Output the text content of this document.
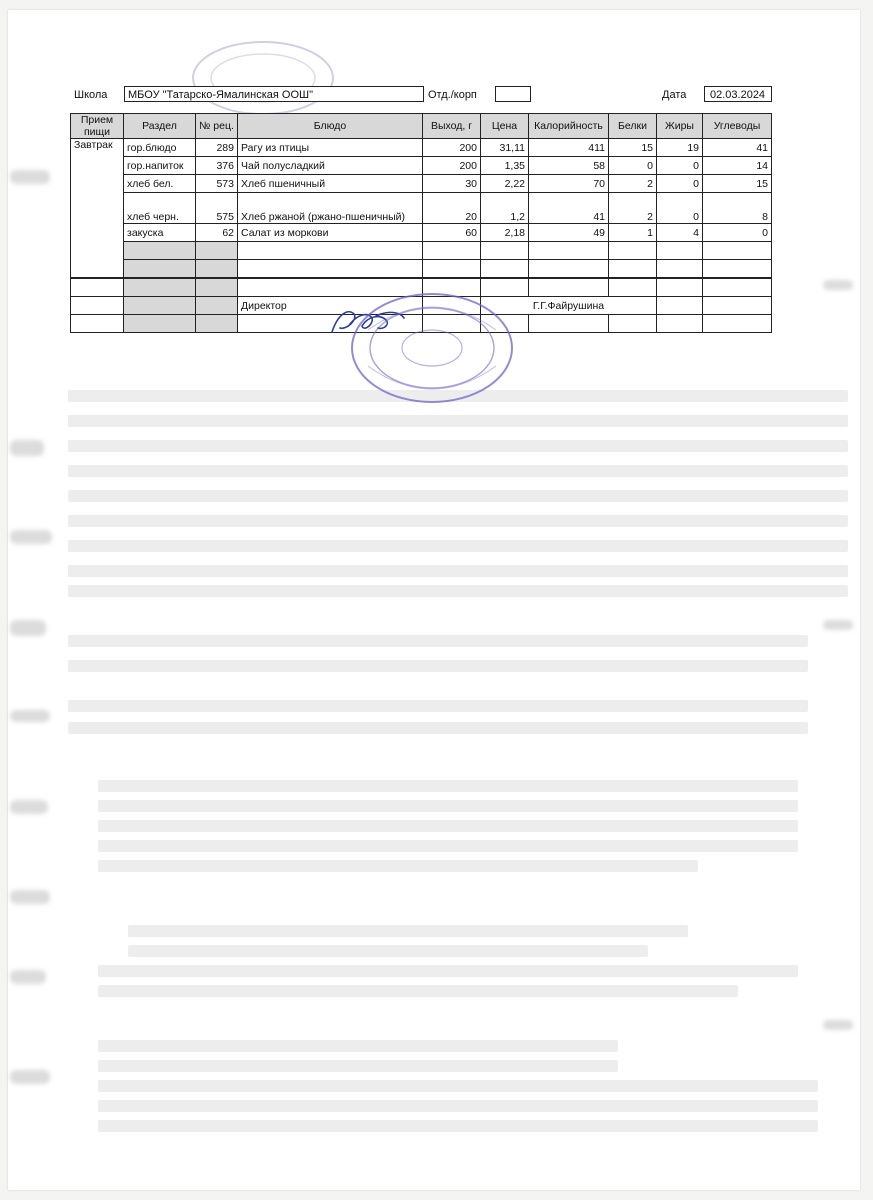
Школа	МБОУ "Татарско-Ямалинская ООШ"	Отд./корп	Дата	02.03.2024
Прием пищи	Раздел	№ рец.	Блюдо	Выход, г	Цена	Калорийность	Белки	Жиры	Углеводы

Завтрак	гор.блюдо	289	Рагу из птицы	200	31,11	411	15	19	41
	гор.напиток	376	Чай полусладкий	200	1,35	58	0	0	14
	хлеб бел.	573	Хлеб пшеничный	30	2,22	70	2	0	15
	хлеб черн.	575	Хлеб ржаной (ржано-пшеничный)	20	1,2	41	2	0	8
	закуска	62	Салат из моркови	60	2,18	49	1	4	0

			Директор		Г.Г.Файрушина				
